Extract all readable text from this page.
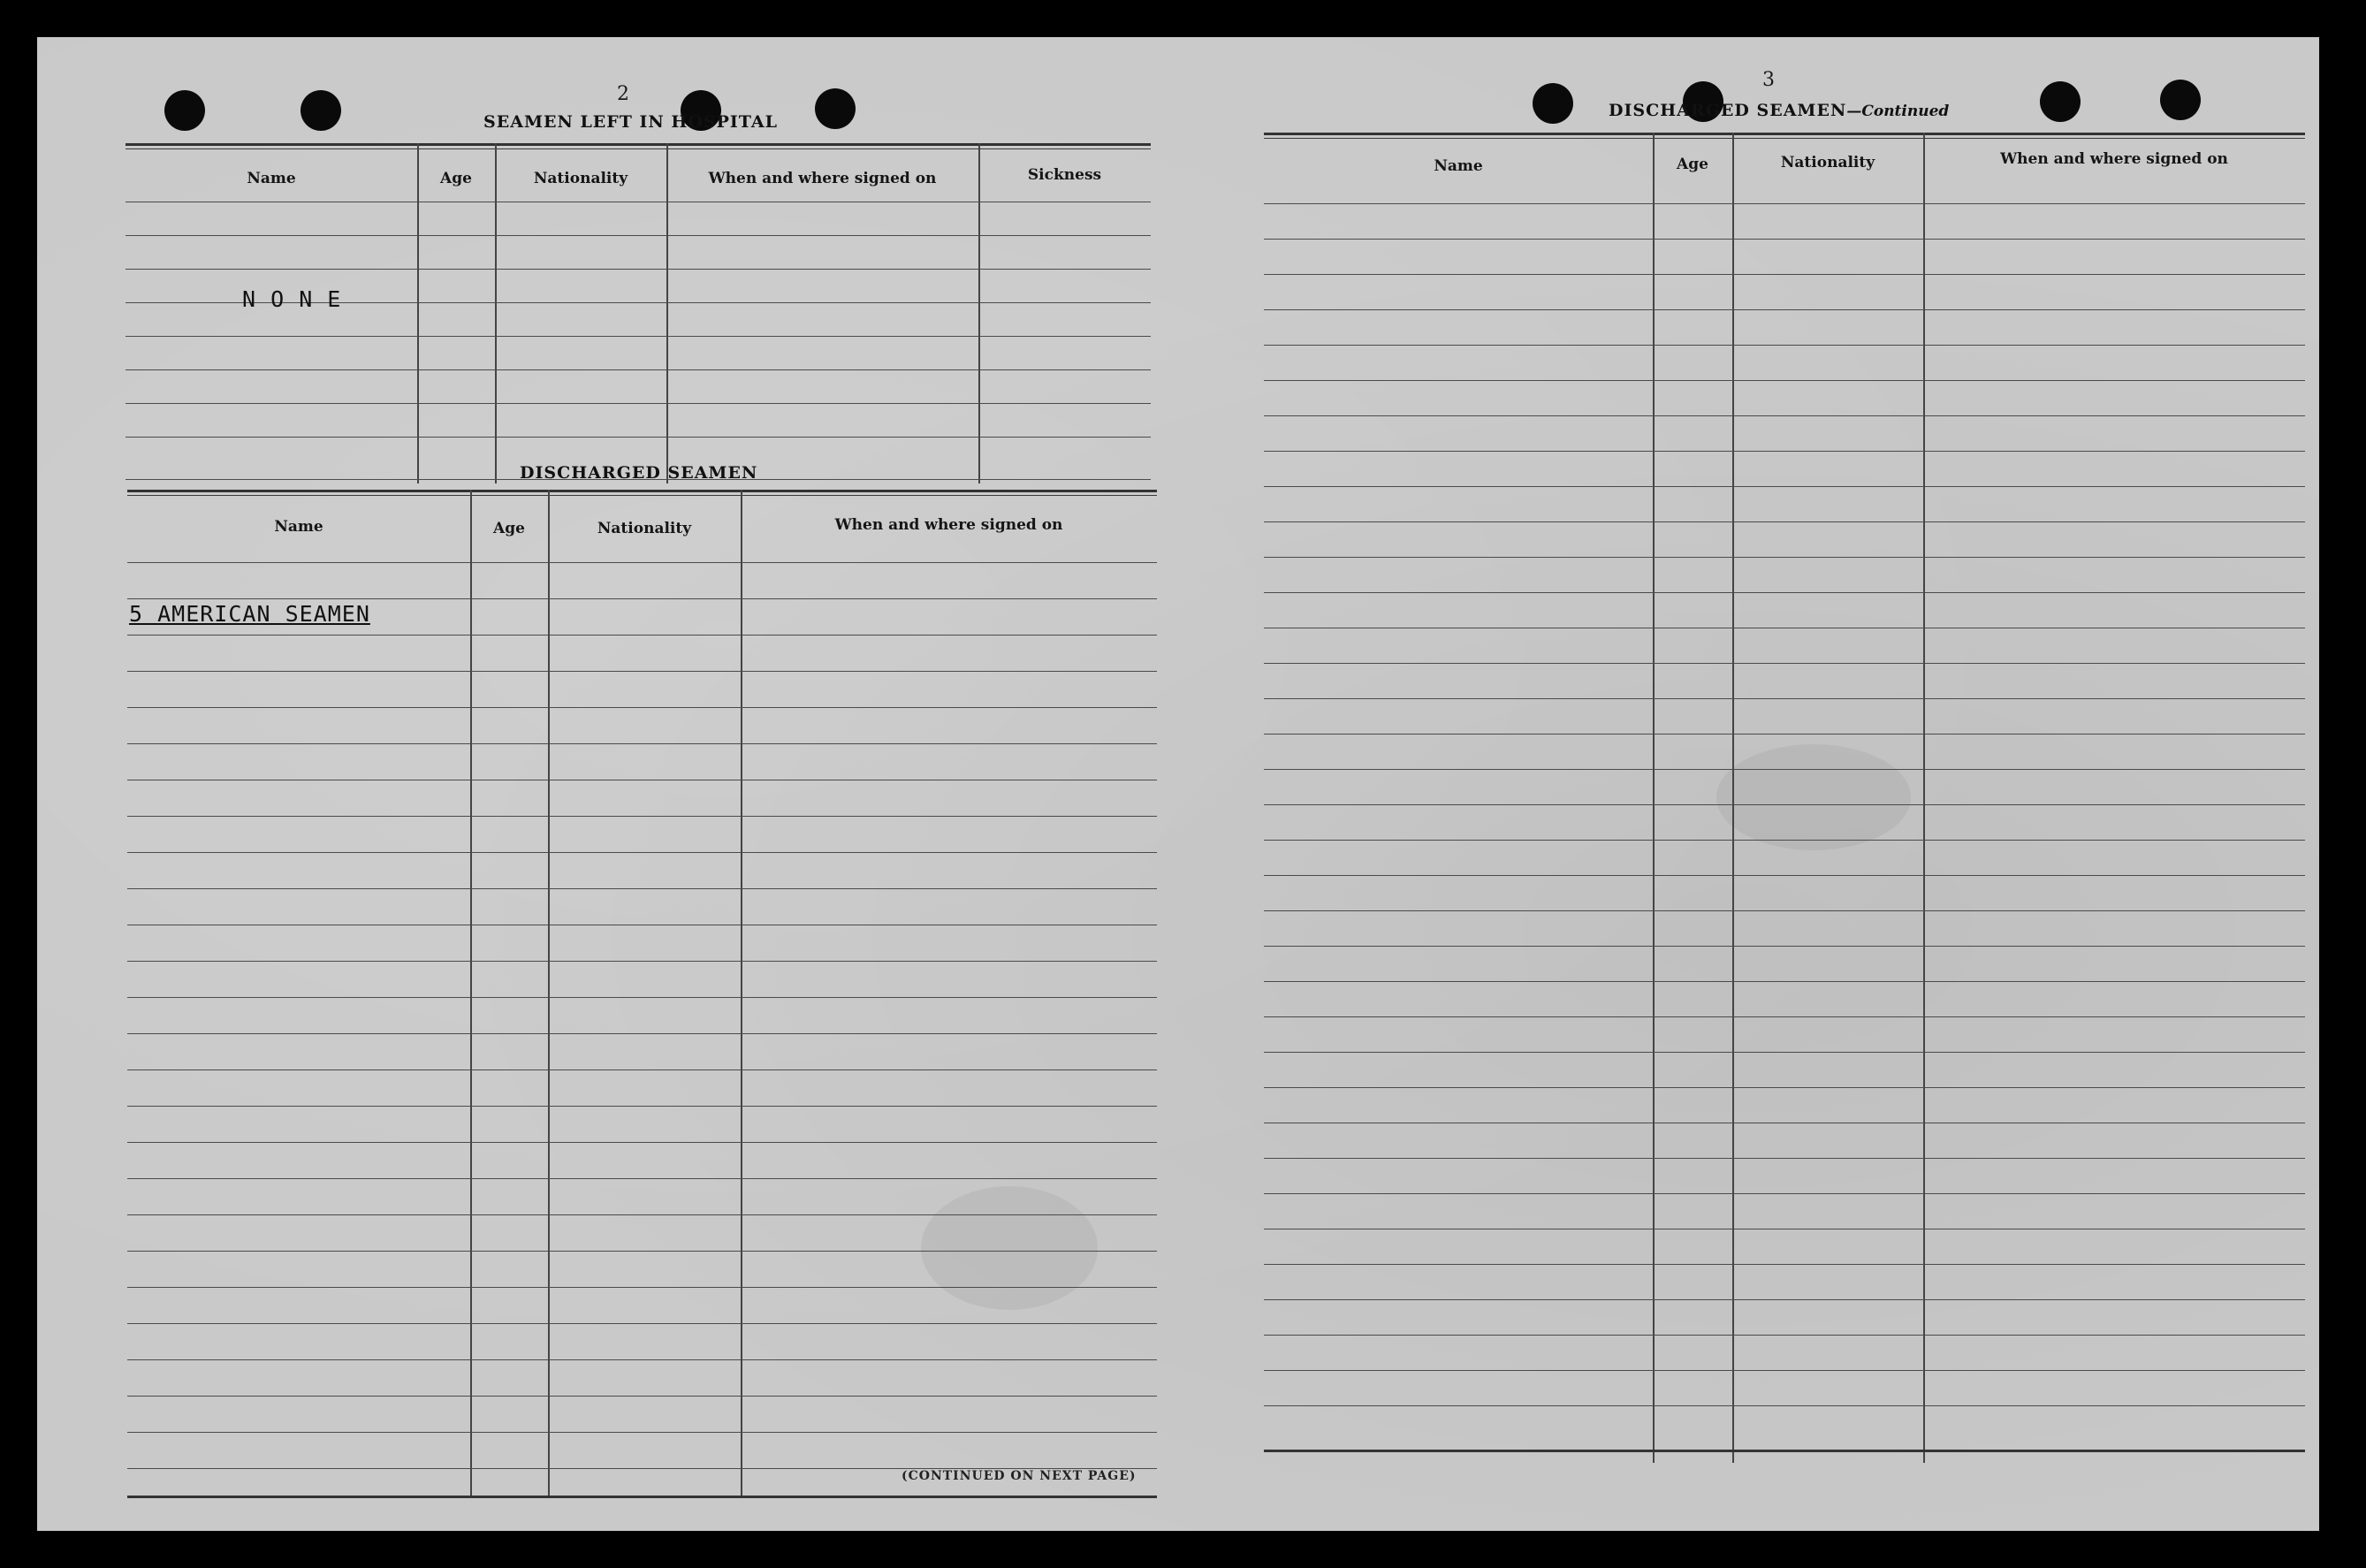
2
SEAMEN LEFT IN HOSPITAL
Name	Age	Nationality	When and where signed on	Sickness
N O N E
DISCHARGED SEAMEN
Name	Age	Nationality	When and where signed on
5 AMERICAN SEAMEN
(CONTINUED ON NEXT PAGE)
3
DISCHARGED SEAMEN—Continued
Name	Age	Nationality	When and where signed on
